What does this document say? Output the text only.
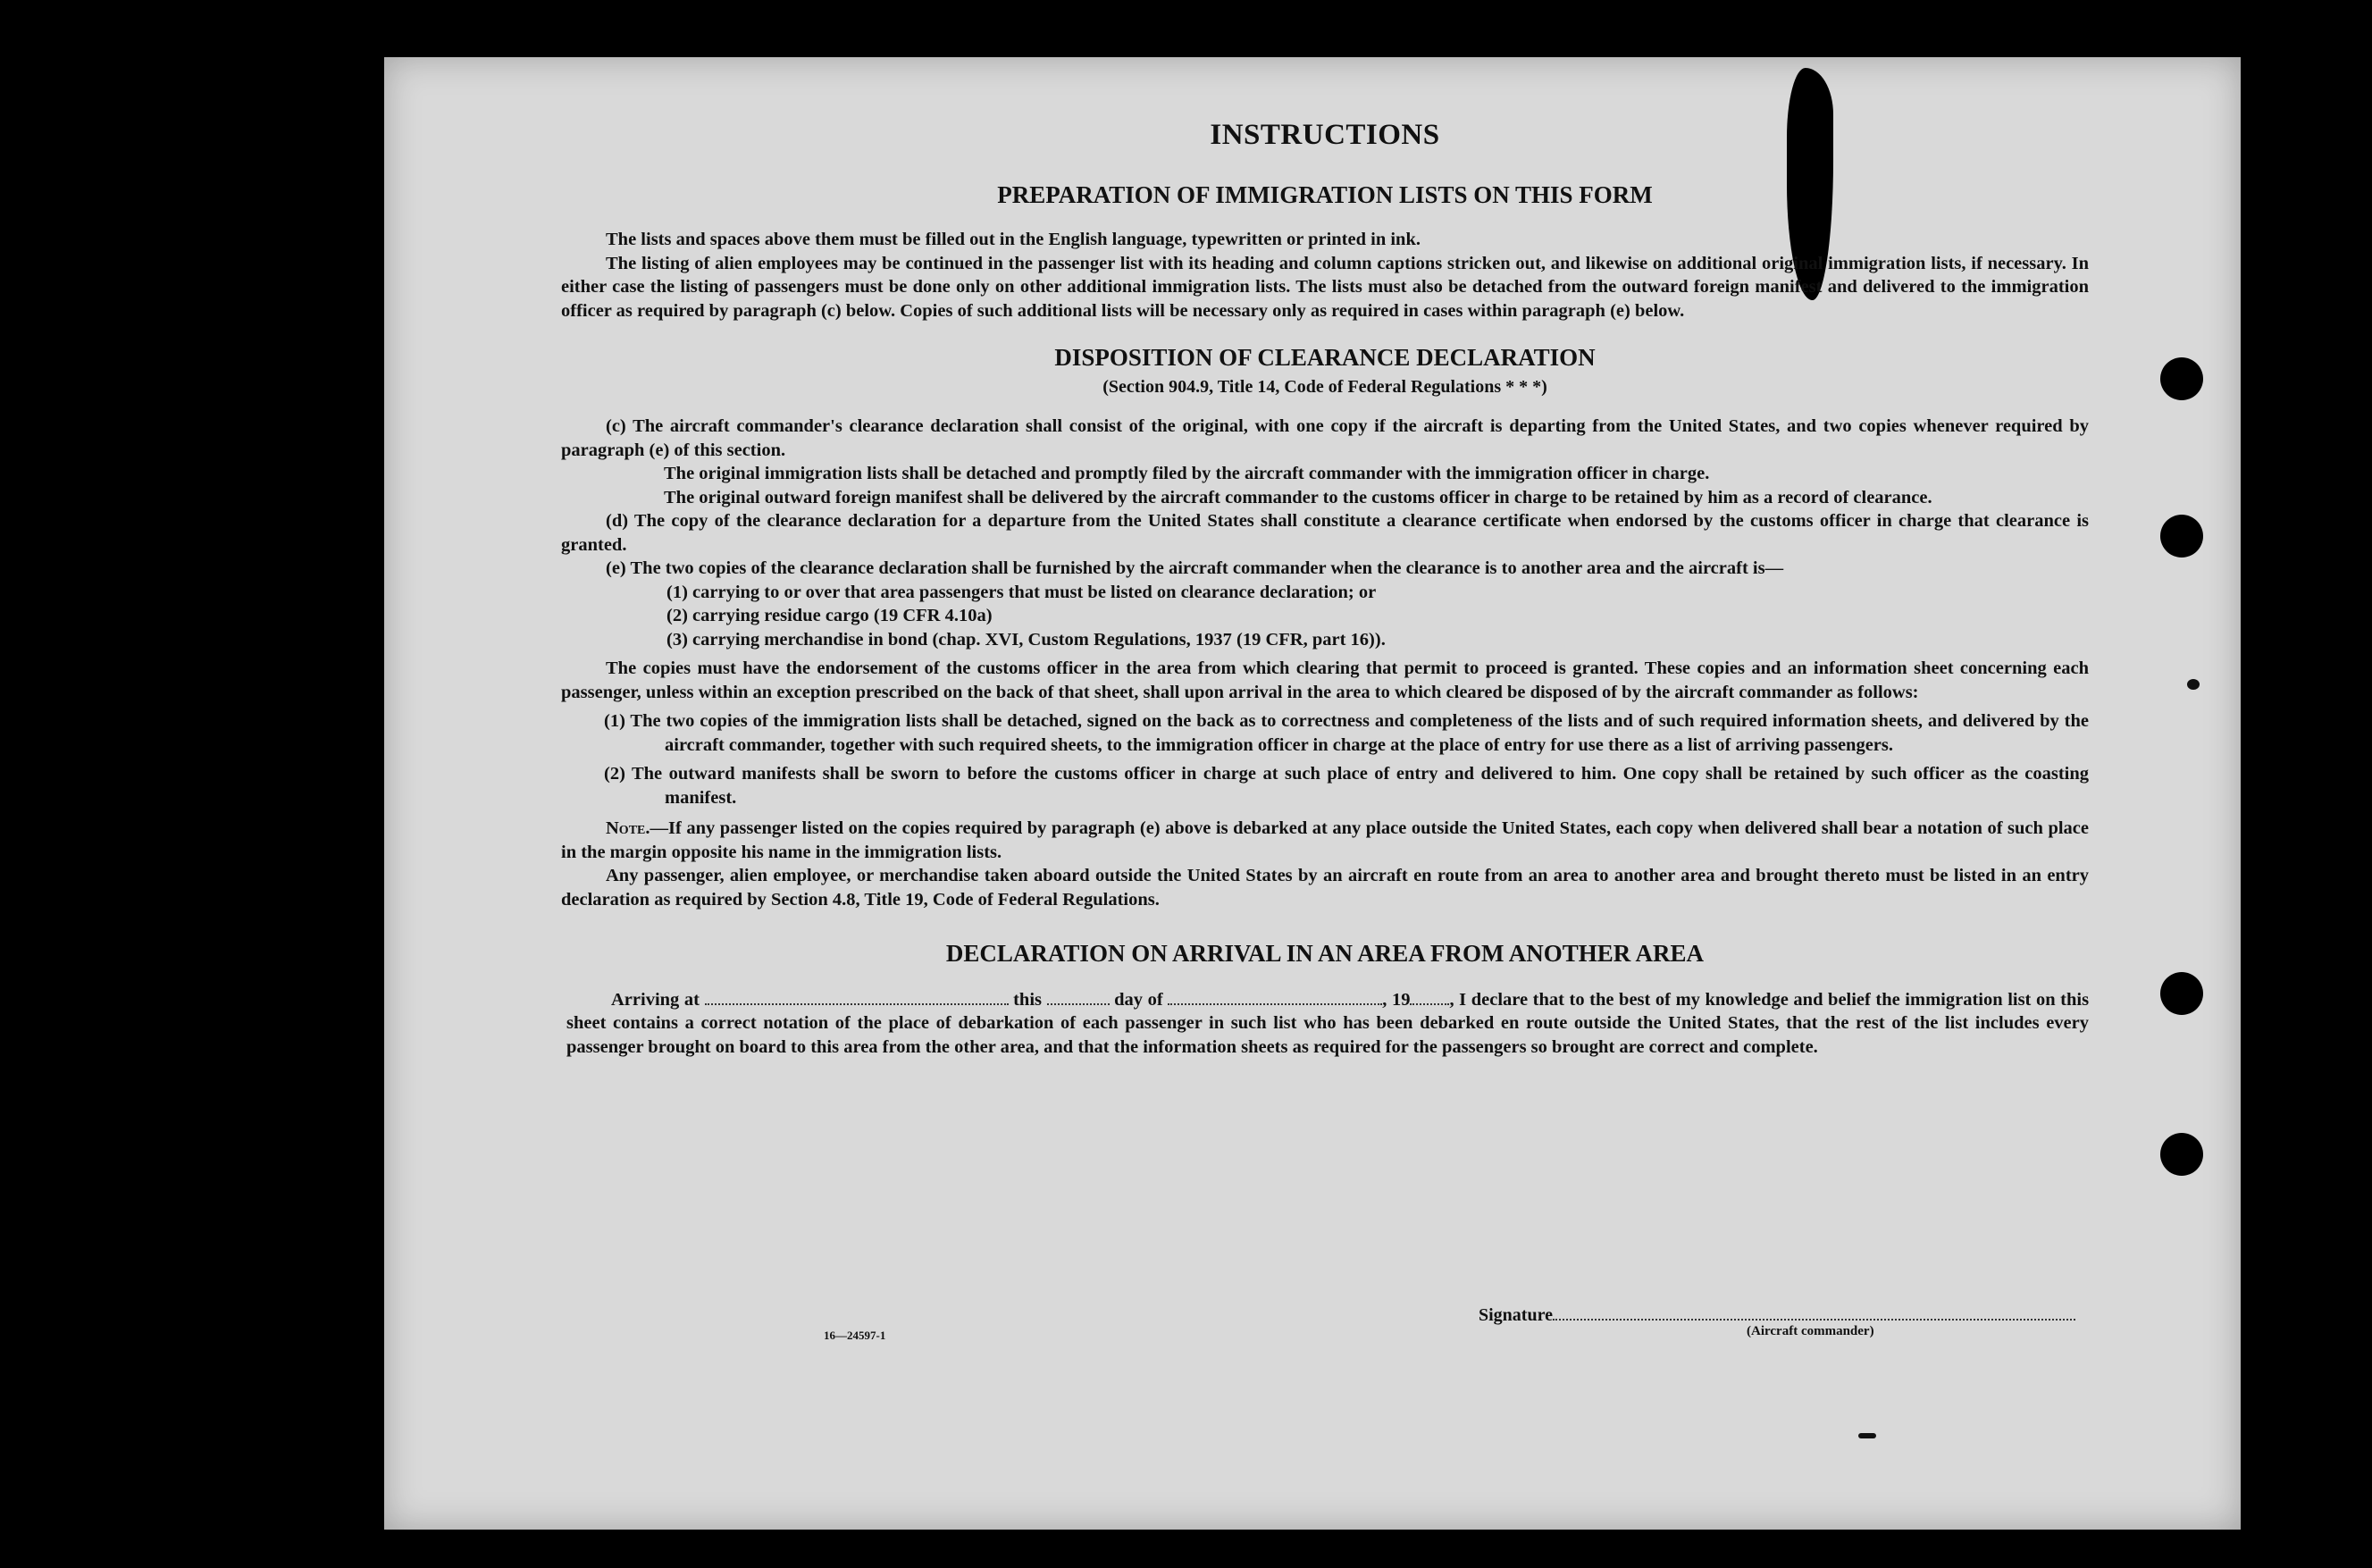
INSTRUCTIONS
PREPARATION OF IMMIGRATION LISTS ON THIS FORM

The lists and spaces above them must be filled out in the English language, typewritten or printed in ink.

The listing of alien employees may be continued in the passenger list with its heading and column captions stricken out, and likewise on additional original immigration lists, if necessary. In either case the listing of passengers must be done only on other additional immigration lists. The lists must also be detached from the outward foreign manifest and delivered to the immigration officer as required by paragraph (c) below. Copies of such additional lists will be necessary only as required in cases within paragraph (e) below.

DISPOSITION OF CLEARANCE DECLARATION
(Section 904.9, Title 14, Code of Federal Regulations * * *)

(c) The aircraft commander's clearance declaration shall consist of the original, with one copy if the aircraft is departing from the United States, and two copies whenever required by paragraph (e) of this section.

The original immigration lists shall be detached and promptly filed by the aircraft commander with the immigration officer in charge.

The original outward foreign manifest shall be delivered by the aircraft commander to the customs officer in charge to be retained by him as a record of clearance.

(d) The copy of the clearance declaration for a departure from the United States shall constitute a clearance certificate when endorsed by the customs officer in charge that clearance is granted.

(e) The two copies of the clearance declaration shall be furnished by the aircraft commander when the clearance is to another area and the aircraft is—

(1) carrying to or over that area passengers that must be listed on clearance declaration; or

(2) carrying residue cargo (19 CFR 4.10a)

(3) carrying merchandise in bond (chap. XVI, Custom Regulations, 1937 (19 CFR, part 16)).

The copies must have the endorsement of the customs officer in the area from which clearing that permit to proceed is granted. These copies and an information sheet concerning each passenger, unless within an exception prescribed on the back of that sheet, shall upon arrival in the area to which cleared be disposed of by the aircraft commander as follows:

(1) The two copies of the immigration lists shall be detached, signed on the back as to correctness and completeness of the lists and of such required information sheets, and delivered by the aircraft commander, together with such required sheets, to the immigration officer in charge at the place of entry for use there as a list of arriving passengers.

(2) The outward manifests shall be sworn to before the customs officer in charge at such place of entry and delivered to him. One copy shall be retained by such officer as the coasting manifest.

Note.—If any passenger listed on the copies required by paragraph (e) above is debarked at any place outside the United States, each copy when delivered shall bear a notation of such place in the margin opposite his name in the immigration lists.

Any passenger, alien employee, or merchandise taken aboard outside the United States by an aircraft en route from an area to another area and brought thereto must be listed in an entry declaration as required by Section 4.8, Title 19, Code of Federal Regulations.

DECLARATION ON ARRIVAL IN AN AREA FROM ANOTHER AREA

Arriving at	this	day of	, 19 , I declare that to the best of my knowledge and belief the immigration list on this sheet contains a correct notation of the place of debarkation of each passenger in such list who has been debarked en route outside the United States, that the rest of the list includes every passenger brought on board to this area from the other area, and that the information sheets as required for the passengers so brought are correct and complete.

16—24597-1
Signature
(Aircraft commander)
